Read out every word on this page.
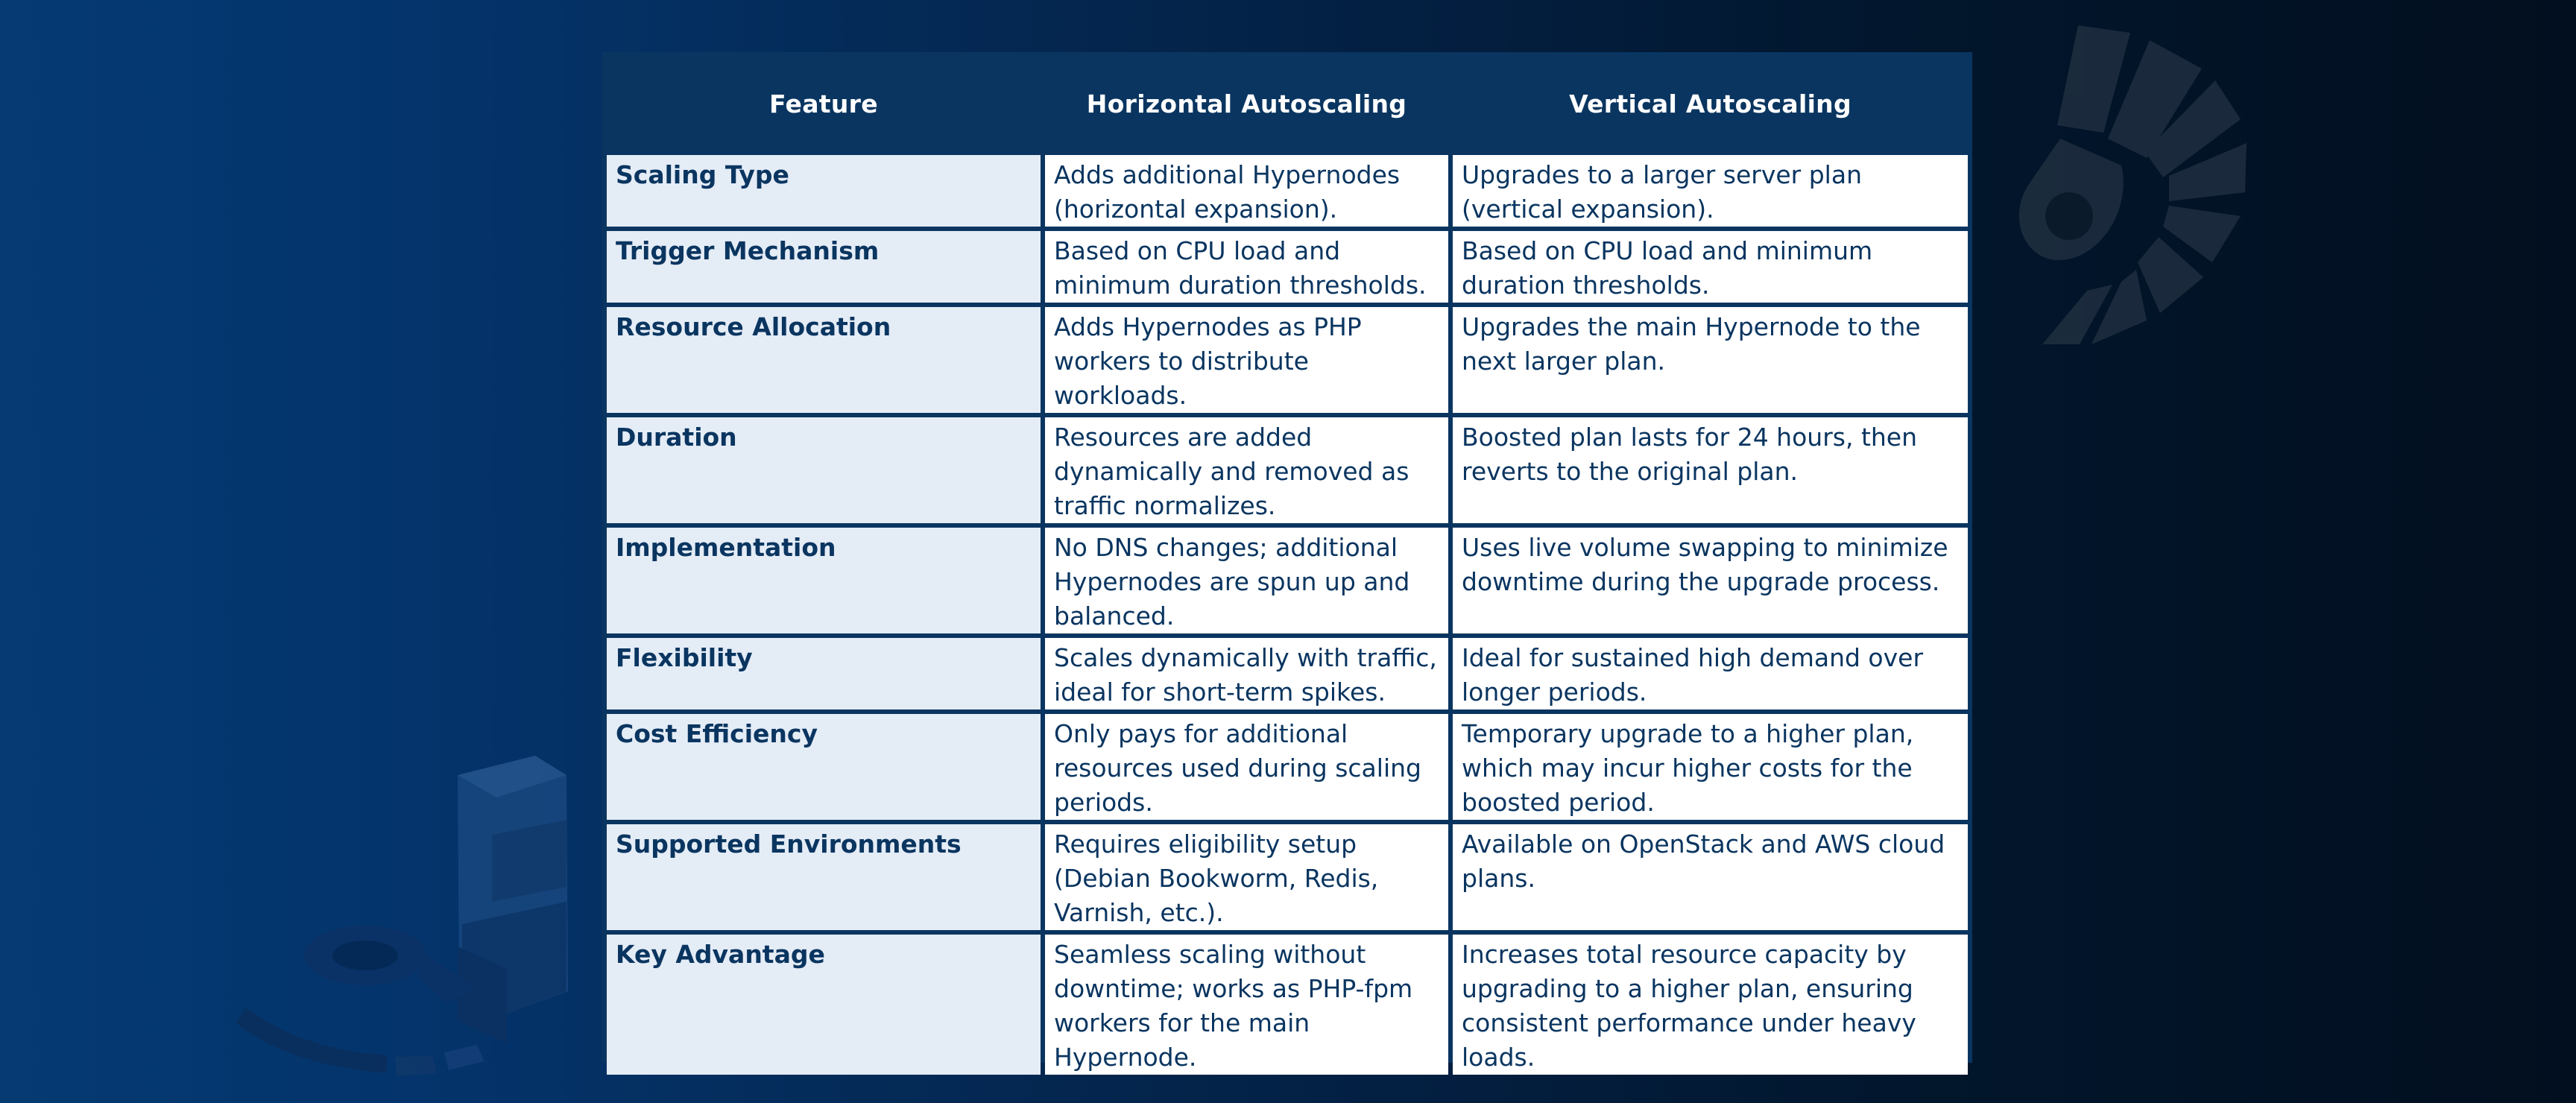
Feature	Horizontal Autoscaling	Vertical Autoscaling
Scaling Type	Adds additional Hypernodes (horizontal expansion).	Upgrades to a larger server plan (vertical expansion).
Trigger Mechanism	Based on CPU load and minimum duration thresholds.	Based on CPU load and minimum duration thresholds.
Resource Allocation	Adds Hypernodes as PHP workers to distribute workloads.	Upgrades the main Hypernode to the next larger plan.
Duration	Resources are added dynamically and removed as traffic normalizes.	Boosted plan lasts for 24 hours, then reverts to the original plan.
Implementation	No DNS changes; additional Hypernodes are spun up and balanced.	Uses live volume swapping to minimize downtime during the upgrade process.
Flexibility	Scales dynamically with traffic, ideal for short-term spikes.	Ideal for sustained high demand over longer periods.
Cost Efficiency	Only pays for additional resources used during scaling periods.	Temporary upgrade to a higher plan, which may incur higher costs for the boosted period.
Supported Environments	Requires eligibility setup (Debian Bookworm, Redis, Varnish, etc.).	Available on OpenStack and AWS cloud plans.
Key Advantage	Seamless scaling without downtime; works as PHP-fpm workers for the main Hypernode.	Increases total resource capacity by upgrading to a higher plan, ensuring consistent performance under heavy loads.
